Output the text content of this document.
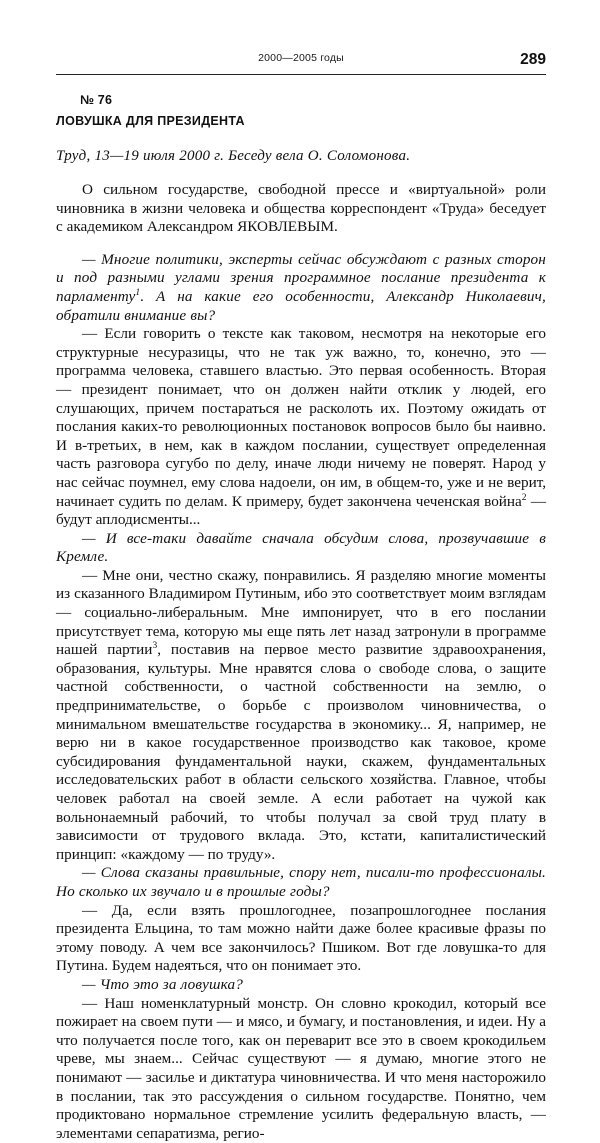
2000—2005 годы	289
№ 76
ЛОВУШКА ДЛЯ ПРЕЗИДЕНТА
Труд, 13—19 июля 2000 г. Беседу вела О. Соломонова.

О сильном государстве, свободной прессе и «виртуальной» роли чиновника в жизни человека и общества корреспондент «Труда» беседует с академиком Александром ЯКОВЛЕВЫМ.

— Многие политики, эксперты сейчас обсуждают с разных сторон и под разными углами зрения программное послание президента к парламенту$^1$. А на какие его особенности, Александр Николаевич, обратили внимание вы?

— Если говорить о тексте как таковом, несмотря на некоторые его структурные несуразицы, что не так уж важно, то, конечно, это — программа человека, ставшего властью. Это первая особенность. Вторая — президент понимает, что он должен найти отклик у людей, его слушающих, причем постараться не расколоть их. Поэтому ожидать от послания каких-то революционных постановок вопросов было бы наивно. И в-третьих, в нем, как в каждом послании, существует определенная часть разговора сугубо по делу, иначе люди ничему не поверят. Народ у нас сейчас поумнел, ему слова надоели, он им, в общем-то, уже и не верит, начинает судить по делам. К примеру, будет закончена чеченская война$^2$ — будут аплодисменты...

— И все-таки давайте сначала обсудим слова, прозвучавшие в Кремле.

— Мне они, честно скажу, понравились. Я разделяю многие моменты из сказанного Владимиром Путиным, ибо это соответствует моим взглядам — социально-либеральным. Мне импонирует, что в его послании присутствует тема, которую мы еще пять лет назад затронули в программе нашей партии$^3$, поставив на первое место развитие здравоохранения, образования, культуры. Мне нравятся слова о свободе слова, о защите частной собственности, о частной собственности на землю, о предпринимательстве, о борьбе с произволом чиновничества, о минимальном вмешательстве государства в экономику... Я, например, не верю ни в какое государственное производство как таковое, кроме субсидирования фундаментальной науки, скажем, фундаментальных исследовательских работ в области сельского хозяйства. Главное, чтобы человек работал на своей земле. А если работает на чужой как вольнонаемный рабочий, то чтобы получал за свой труд плату в зависимости от трудового вклада. Это, кстати, капиталистический принцип: «каждому — по труду».

— Слова сказаны правильные, спору нет, писали-то профессионалы. Но сколько их звучало и в прошлые годы?

— Да, если взять прошлогоднее, позапрошлогоднее послания президента Ельцина, то там можно найти даже более красивые фразы по этому поводу. А чем все закончилось? Пшиком. Вот где ловушка-то для Путина. Будем надеяться, что он понимает это.

— Что это за ловушка?

— Наш номенклатурный монстр. Он словно крокодил, который все пожирает на своем пути — и мясо, и бумагу, и постановления, и идеи. Ну а что получается после того, как он переварит все это в своем крокодильем чреве, мы знаем... Сейчас существуют — я думаю, многие этого не понимают — засилье и диктатура чиновничества. И что меня насторожило в послании, так это рассуждения о сильном государстве. Понятно, чем продиктовано нормальное стремление усилить федеральную власть, — элементами сепаратизма, регио-
